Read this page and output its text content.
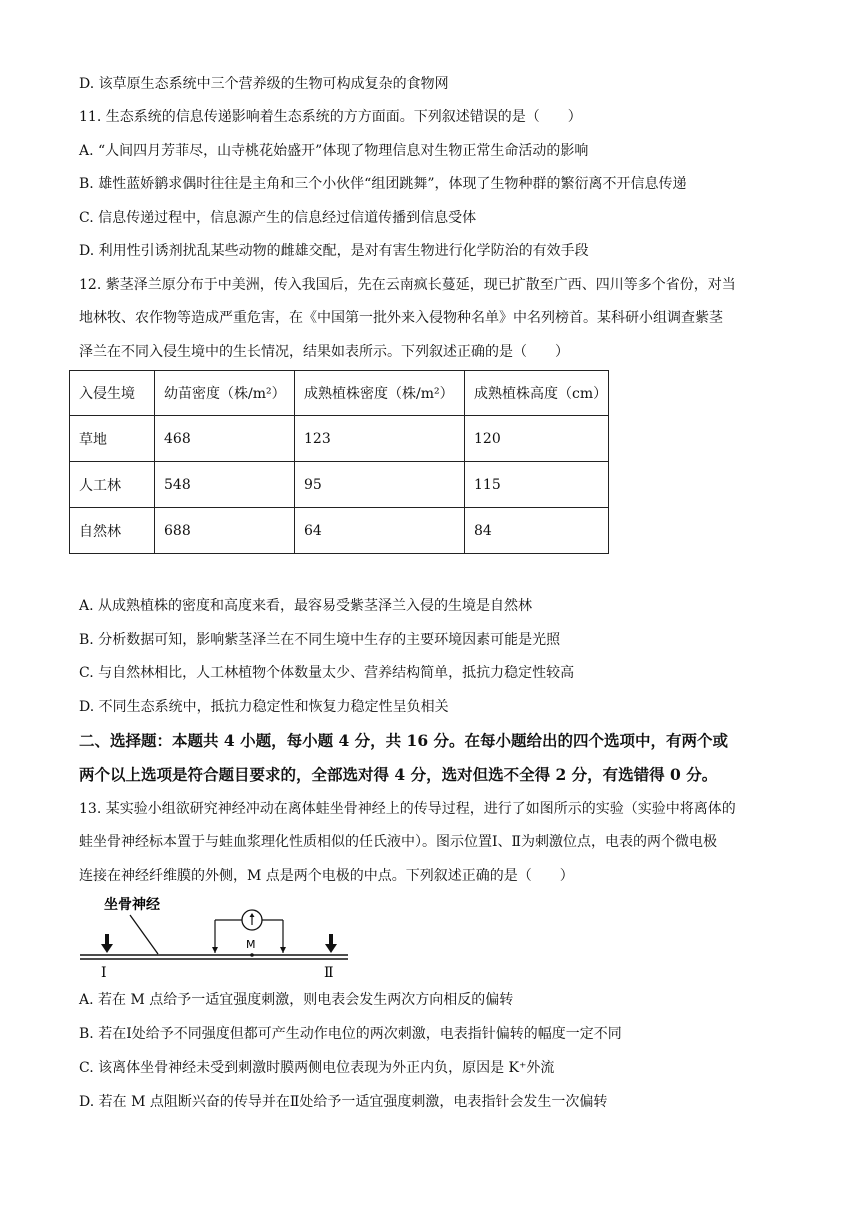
D. 该草原生态系统中三个营养级的生物可构成复杂的食物网
11. 生态系统的信息传递影响着生态系统的方方面面。下列叙述错误的是（　　）
A. “人间四月芳菲尽，山寺桃花始盛开”体现了物理信息对生物正常生命活动的影响
B. 雄性蓝娇鹟求偶时往往是主角和三个小伙伴“组团跳舞”，体现了生物种群的繁衍离不开信息传递
C. 信息传递过程中，信息源产生的信息经过信道传播到信息受体
D. 利用性引诱剂扰乱某些动物的雌雄交配，是对有害生物进行化学防治的有效手段
12. 紫茎泽兰原分布于中美洲，传入我国后，先在云南疯长蔓延，现已扩散至广西、四川等多个省份，对当
地林牧、农作物等造成严重危害，在《中国第一批外来入侵物种名单》中名列榜首。某科研小组调查紫茎
泽兰在不同入侵生境中的生长情况，结果如表所示。下列叙述正确的是（　　）
入侵生境	幼苗密度（株/m²）	成熟植株密度（株/m²）	成熟植株高度（cm）
草地	468	123	120
人工林	548	95	115
自然林	688	64	84
A. 从成熟植株的密度和高度来看，最容易受紫茎泽兰入侵的生境是自然林
B. 分析数据可知，影响紫茎泽兰在不同生境中生存的主要环境因素可能是光照
C. 与自然林相比，人工林植物个体数量太少、营养结构简单，抵抗力稳定性较高
D. 不同生态系统中，抵抗力稳定性和恢复力稳定性呈负相关
二、选择题：本题共 4 小题，每小题 4 分，共 16 分。在每小题给出的四个选项中，有两个或
两个以上选项是符合题目要求的，全部选对得 4 分，选对但选不全得 2 分，有选错得 0 分。
13. 某实验小组欲研究神经冲动在离体蛙坐骨神经上的传导过程，进行了如图所示的实验（实验中将离体的
蛙坐骨神经标本置于与蛙血浆理化性质相似的任氏液中）。图示位置Ⅰ、Ⅱ为刺激位点，电表的两个微电极
连接在神经纤维膜的外侧，M 点是两个电极的中点。下列叙述正确的是（　　）
坐骨神经
M
Ⅰ	Ⅱ
A. 若在 M 点给予一适宜强度刺激，则电表会发生两次方向相反的偏转
B. 若在Ⅰ处给予不同强度但都可产生动作电位的两次刺激，电表指针偏转的幅度一定不同
C. 该离体坐骨神经未受到刺激时膜两侧电位表现为外正内负，原因是 K⁺外流
D. 若在 M 点阻断兴奋的传导并在Ⅱ处给予一适宜强度刺激，电表指针会发生一次偏转
